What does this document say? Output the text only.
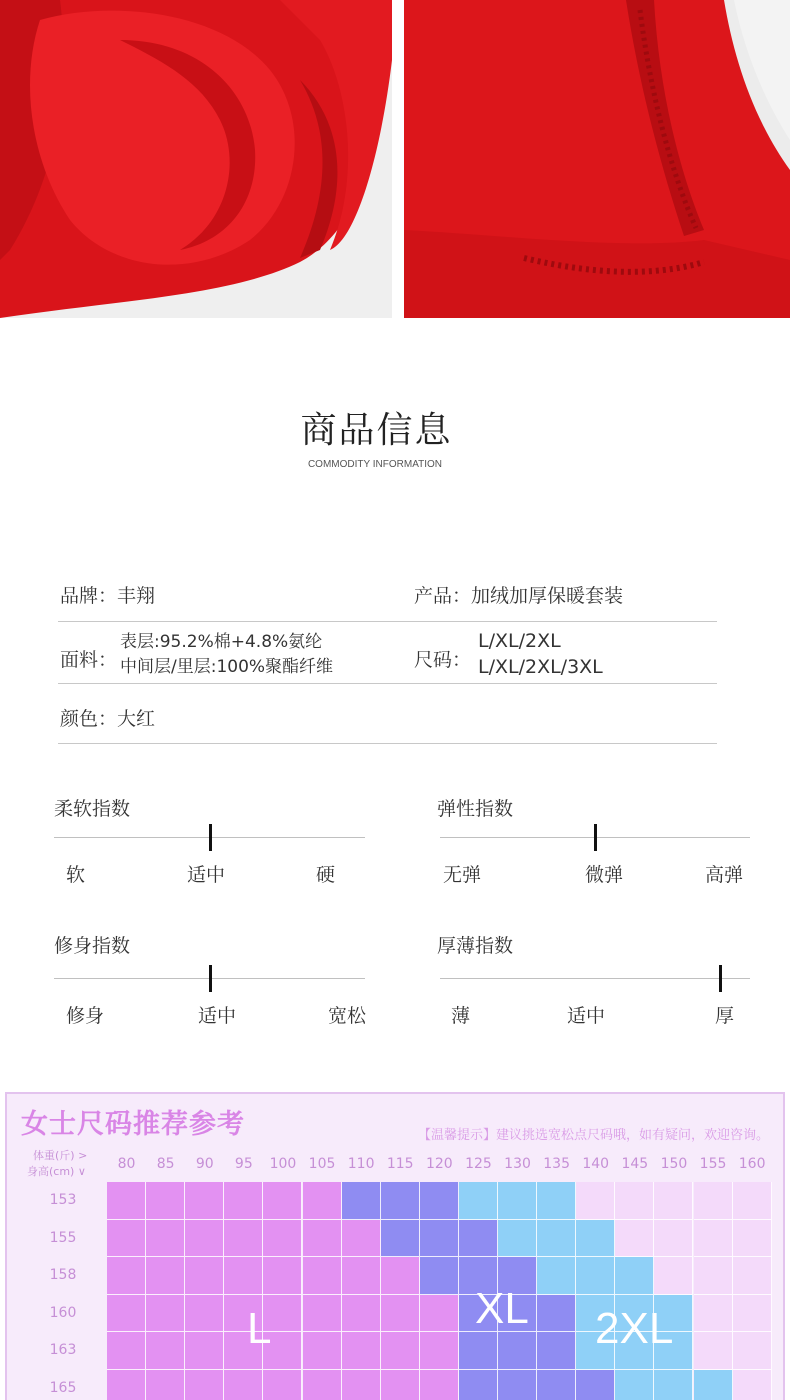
商品信息
COMMODITY INFORMATION
品牌：丰翔	产品：加绒加厚保暖套装
面料：
表层:95.2%棉+4.8%氨纶
中间层/里层:100%聚酯纤维	尺码：
L/XL/2XL
L/XL/2XL/3XL
颜色：大红
柔软指数
软	适中	硬
弹性指数
无弹	微弹	高弹
修身指数
修身	适中	宽松
厚薄指数
薄	适中	厚
女士尺码推荐参考	【温馨提示】建议挑选宽松点尺码哦，如有疑问，欢迎咨询。
体重(斤) >
身高(cm) ∨	80	85	90	95	100 105 110 115 120 125 130 135 140 145 150 155 160
153
155
158
160
163
165
L	XL 2XL
